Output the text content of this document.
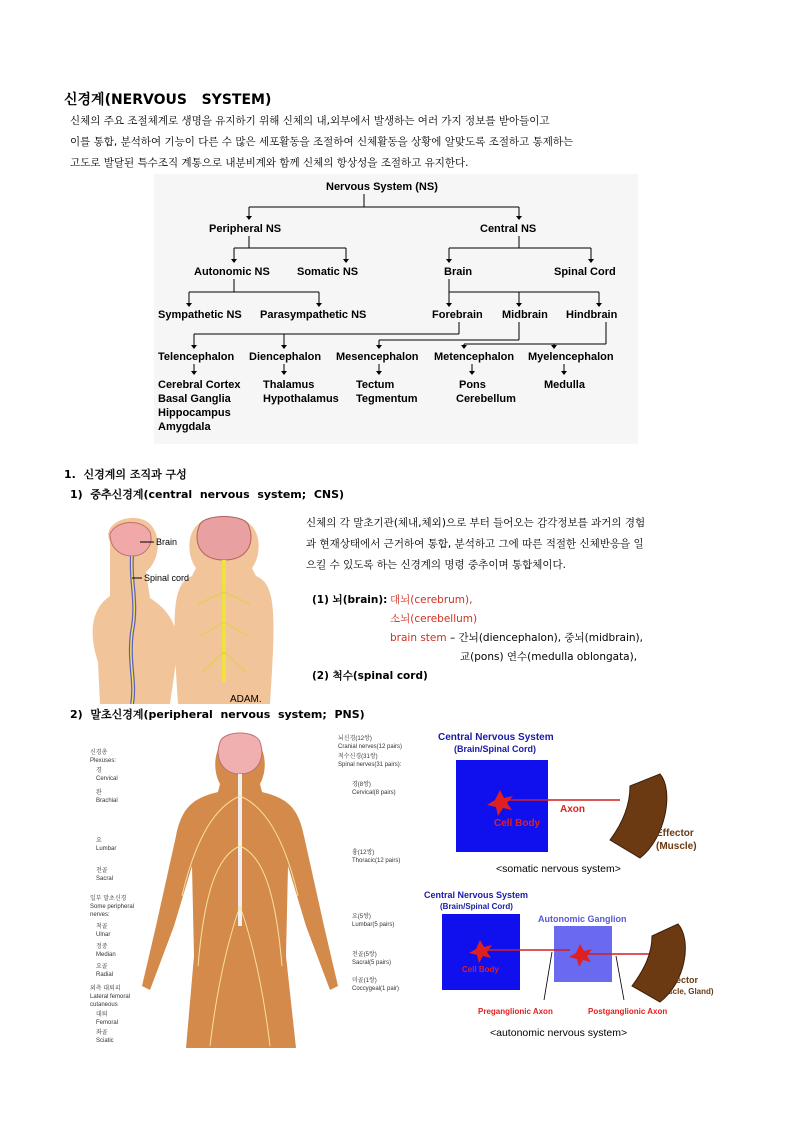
신경계(NERVOUS   SYSTEM)
신체의 주요 조절체계로 생명을 유지하기 위해 신체의 내,외부에서 발생하는 여러 가지 정보를 받아들이고
이를 통합, 분석하여 기능이 다른 수 많은 세포활동을 조절하여 신체활동을 상황에 알맞도록 조절하고 통제하는
고도로 발달된 특수조직 계통으로 내분비계와 함께 신체의 항상성을 조절하고 유지한다.
Nervous System (NS)
Peripheral NS	Central NS
Autonomic NS Somatic NS	Brain	Spinal Cord
Sympathetic NS Parasympathetic NS	Forebrain Midbrain Hindbrain
Telencephalon Diencephalon Mesencephalon Metencephalon Myelencephalon
Cerebral Cortex
Basal Ganglia
Hippocampus
Amygdala
Thalamus
Hypothalamus
Tectum
Tegmentum
Pons
Cerebellum
Medulla
1.  신경계의 조직과 구성
1)  중추신경계(central  nervous  system;  CNS)
Brain
Spinal cord
ADAM.
신체의 각 말초기관(체내,체외)으로 부터 들어오는 감각정보를 과거의 경험
과 현재상태에서 근거하여 통합, 분석하고 그에 따른 적절한 신체반응을 일
으킬 수 있도록 하는 신경계의 명령 중추이며 통합체이다.
(1) 뇌(brain): 대뇌(cerebrum),
소뇌(cerebellum)
brain stem – 간뇌(diencephalon), 중뇌(midbrain),
교(pons) 연수(medulla oblongata),
(2) 척수(spinal cord)
2)  말초신경계(peripheral  nervous  system;  PNS)
신경총
Plexuses:
경
Cervical
완
Brachial
요
Lumbar
천골
Sacral
일부 말초신경
Some peripheral
nerves:
척골
Ulnar
정중
Median
요골
Radial
외측 대퇴피
Lateral femoral
cutaneous
대퇴
Femoral
좌골
Sciatic
뇌신경(12쌍)
Cranial nerves(12 pairs)
척수신경(31쌍)
Spinal nerves(31 pairs):
경(8쌍)
Cervical(8 pairs)
흉(12쌍)
Thoracic(12 pairs)
요(5쌍)
Lumbar(5 pairs)
천골(5쌍)
Sacral(5 pairs)
미골(1쌍)
Coccygeal(1 pair)
Central Nervous System
(Brain/Spinal Cord)
Cell Body
Axon
Effector
(Muscle)
<somatic nervous system>
Central Nervous System
(Brain/Spinal Cord)
Autonomic Ganglion
Cell Body
Effector
(Muscle, Gland)
Preganglionic Axon	Postganglionic Axon
<autonomic nervous system>
